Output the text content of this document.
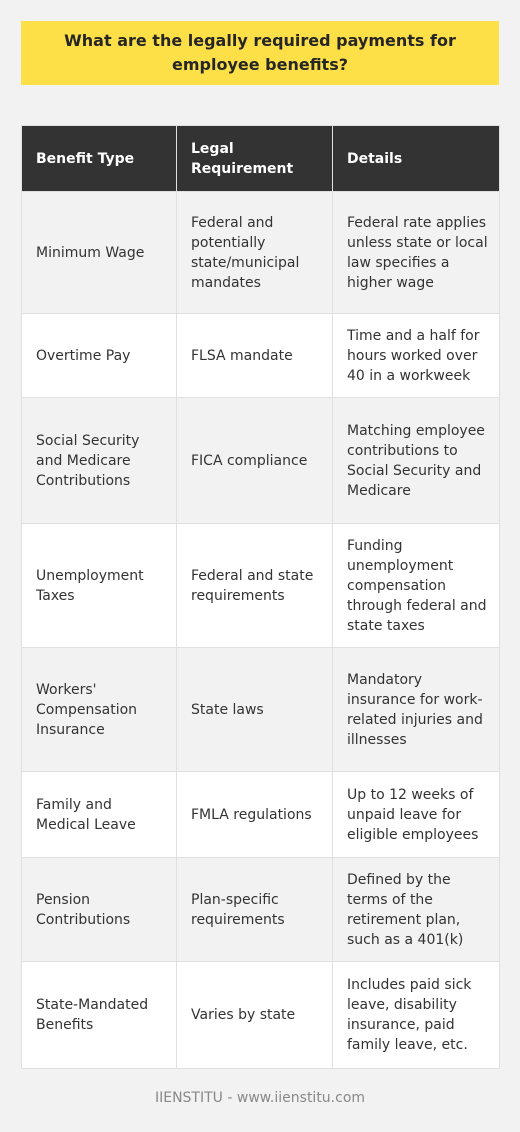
What are the legally required payments for employee benefits?
Benefit Type	Legal Requirement	Details
Minimum Wage	Federal and potentially state/municipal mandates	Federal rate applies unless state or local law specifies a higher wage
Overtime Pay	FLSA mandate	Time and a half for hours worked over 40 in a workweek
Social Security and Medicare Contributions	FICA compliance	Matching employee contributions to Social Security and Medicare
Unemployment Taxes	Federal and state requirements	Funding unemployment compensation through federal and state taxes
Workers' Compensation Insurance	State laws	Mandatory insurance for work-related injuries and illnesses
Family and Medical Leave	FMLA regulations	Up to 12 weeks of unpaid leave for eligible employees
Pension Contributions	Plan-specific requirements	Defined by the terms of the retirement plan, such as a 401(k)
State-Mandated Benefits	Varies by state	Includes paid sick leave, disability insurance, paid family leave, etc.
IIENSTITU - www.iienstitu.com
